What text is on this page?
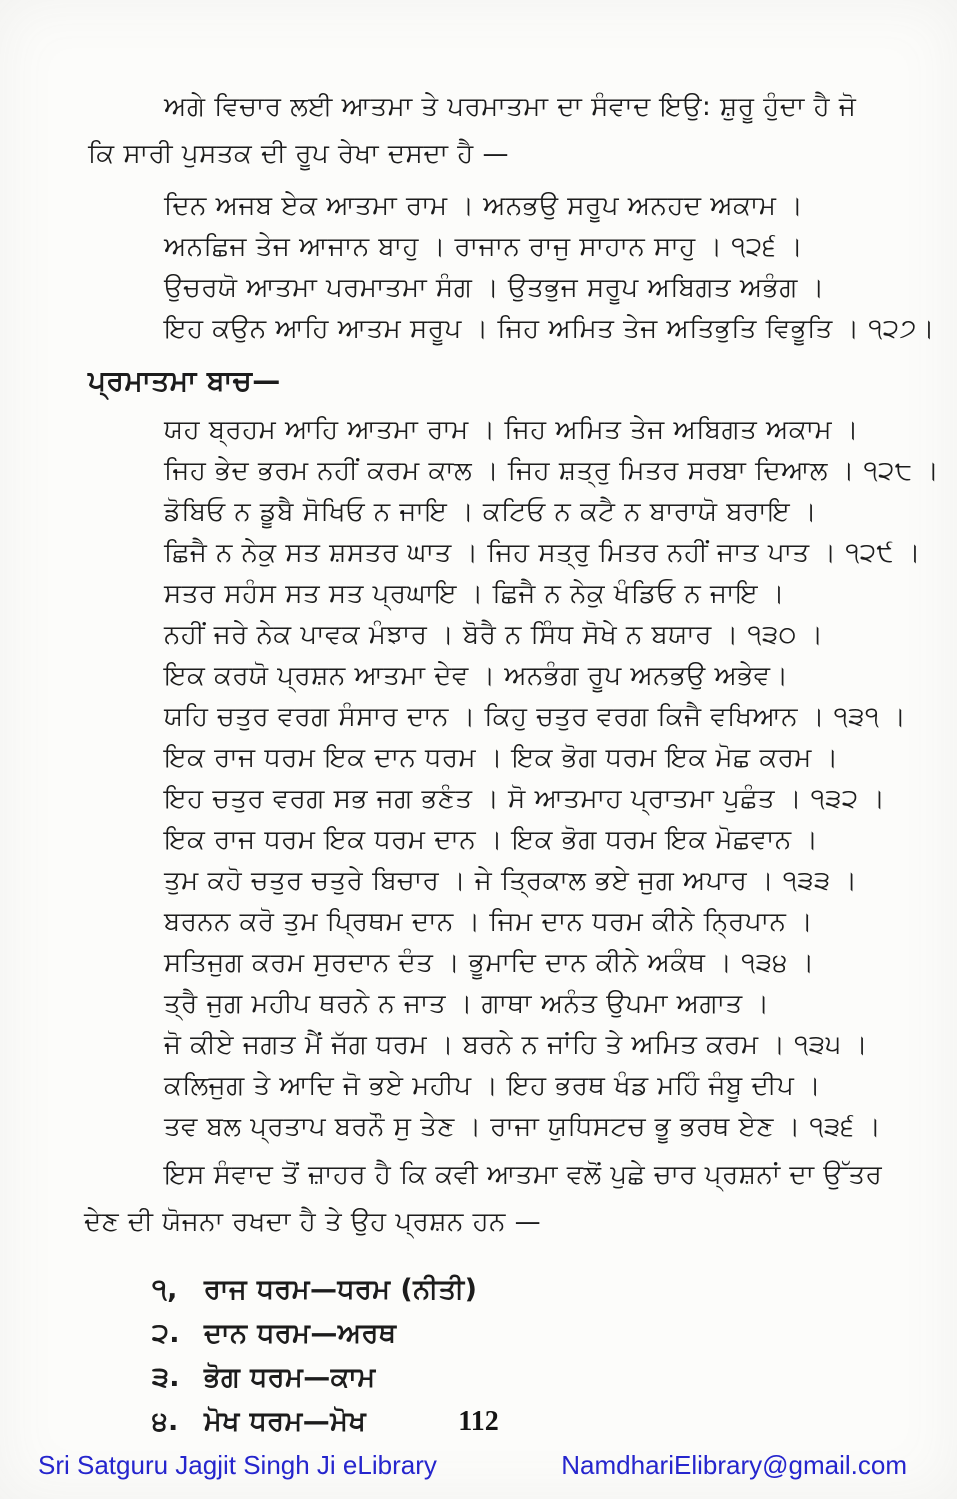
ਅਗੇ ਵਿਚਾਰ ਲਈ ਆਤਮਾ ਤੇ ਪਰਮਾਤਮਾ ਦਾ ਸੰਵਾਦ ਇਉ: ਸ਼ੁਰੂ ਹੁੰਦਾ ਹੈ ਜੋ
ਕਿ ਸਾਰੀ ਪੁਸਤਕ ਦੀ ਰੂਪ ਰੇਖਾ ਦਸਦਾ ਹੈ —
ਦਿਨ ਅਜਬ ਏਕ ਆਤਮਾ ਰਾਮ । ਅਨਭਉ ਸਰੂਪ ਅਨਹਦ ਅਕਾਮ ।
ਅਨਛਿਜ ਤੇਜ ਆਜਾਨ ਬਾਹੁ । ਰਾਜਾਨ ਰਾਜੁ ਸਾਹਾਨ ਸਾਹੁ । ੧੨੬ ।
ਉਚਰਯੋ ਆਤਮਾ ਪਰਮਾਤਮਾ ਸੰਗ । ਉਤਭੁਜ ਸਰੂਪ ਅਬਿਗਤ ਅਭੰਗ ।
ਇਹ ਕਉਨ ਆਹਿ ਆਤਮ ਸਰੂਪ । ਜਿਹ ਅਮਿਤ ਤੇਜ ਅਤਿਭੁਤਿ ਵਿਭੂਤਿ । ੧੨੭।
ਪ੍ਰਮਾਤਮਾ ਬਾਚ—
ਯਹ ਬ੍ਰਹਮ ਆਹਿ ਆਤਮਾ ਰਾਮ । ਜਿਹ ਅਮਿਤ ਤੇਜ ਅਬਿਗਤ ਅਕਾਮ ।
ਜਿਹ ਭੇਦ ਭਰਮ ਨਹੀਂ ਕਰਮ ਕਾਲ । ਜਿਹ ਸ਼ਤ੍ਰੁ ਮਿਤਰ ਸਰਬਾ ਦਿਆਲ । ੧੨੮ ।
ਡੋਬਿਓ ਨ ਡੂਬੈ ਸੋਖਿਓ ਨ ਜਾਇ । ਕਟਿਓ ਨ ਕਟੈ ਨ ਬਾਰਾਯੋ ਬਰਾਇ ।
ਛਿਜੈ ਨ ਨੇਕੁ ਸਤ ਸ਼ਸਤਰ ਘਾਤ । ਜਿਹ ਸਤ੍ਰੁ ਮਿਤਰ ਨਹੀਂ ਜਾਤ ਪਾਤ । ੧੨੯ ।
ਸਤਰ ਸਹੰਸ ਸਤ ਸਤ ਪ੍ਰਘਾਇ । ਛਿਜੈ ਨ ਨੇਕੁ ਖੰਡਿਓ ਨ ਜਾਇ ।
ਨਹੀਂ ਜਰੇ ਨੇਕ ਪਾਵਕ ਮੰਝਾਰ । ਬੋਰੈ ਨ ਸਿੰਧ ਸੋਖੇ ਨ ਬਯਾਰ । ੧੩੦ ।
ਇਕ ਕਰਯੋ ਪ੍ਰਸ਼ਨ ਆਤਮਾ ਦੇਵ । ਅਨਭੰਗ ਰੂਪ ਅਨਭਉ ਅਭੇਵ।
ਯਹਿ ਚਤੁਰ ਵਰਗ ਸੰਸਾਰ ਦਾਨ । ਕਿਹੁ ਚਤੁਰ ਵਰਗ ਕਿਜੈ ਵਖਿਆਨ । ੧੩੧ ।
ਇਕ ਰਾਜ ਧਰਮ ਇਕ ਦਾਨ ਧਰਮ । ਇਕ ਭੋਗ ਧਰਮ ਇਕ ਮੋਛ ਕਰਮ ।
ਇਹ ਚਤੁਰ ਵਰਗ ਸਭ ਜਗ ਭਣੰਤ । ਸੋ ਆਤਮਾਹ ਪ੍ਰਾਤਮਾ ਪੁਛੰਤ । ੧੩੨ ।
ਇਕ ਰਾਜ ਧਰਮ ਇਕ ਧਰਮ ਦਾਨ । ਇਕ ਭੋਗ ਧਰਮ ਇਕ ਮੋਛਵਾਨ ।
ਤੁਮ ਕਹੋ ਚਤੁਰ ਚਤੁਰੇ ਬਿਚਾਰ । ਜੇ ਤ੍ਰਿਕਾਲ ਭਏ ਜੁਗ ਅਪਾਰ । ੧੩੩ ।
ਬਰਨਨ ਕਰੋ ਤੁਮ ਪ੍ਰਿਥਮ ਦਾਨ । ਜਿਮ ਦਾਨ ਧਰਮ ਕੀਨੇ ਨ੍ਰਿਪਾਨ ।
ਸਤਿਜੁਗ ਕਰਮ ਸੁਰਦਾਨ ਦੰਤ । ਭੂਮਾਦਿ ਦਾਨ ਕੀਨੇ ਅਕੰਥ । ੧੩੪ ।
ਤ੍ਰੈ ਜੁਗ ਮਹੀਪ ਥਰਨੇ ਨ ਜਾਤ । ਗਾਥਾ ਅਨੰਤ ਉਪਮਾ ਅਗਾਤ ।
ਜੋ ਕੀਏ ਜਗਤ ਮੈਂ ਜੱਗ ਧਰਮ । ਬਰਨੇ ਨ ਜਾਂਹਿ ਤੇ ਅਮਿਤ ਕਰਮ । ੧੩੫ ।
ਕਲਿਜੁਗ ਤੇ ਆਦਿ ਜੋ ਭਏ ਮਹੀਪ । ਇਹ ਭਰਥ ਖੰਡ ਮਹਿੰ ਜੰਬੂ ਦੀਪ ।
ਤਵ ਬਲ ਪ੍ਰਤਾਪ ਬਰਨੌ ਸੁ ਤੇਣ । ਰਾਜਾ ਯੁਧਿਸਟਚ ਭੂ ਭਰਥ ਏਣ । ੧੩੬ ।
ਇਸ ਸੰਵਾਦ ਤੋਂ ਜ਼ਾਹਰ ਹੈ ਕਿ ਕਵੀ ਆਤਮਾ ਵਲੋਂ ਪੁਛੇ ਚਾਰ ਪ੍ਰਸ਼ਨਾਂ ਦਾ ਉੱਤਰ
ਦੇਣ ਦੀ ਯੋਜਨਾ ਰਖਦਾ ਹੈ ਤੇ ਉਹ ਪ੍ਰਸ਼ਨ ਹਨ —
੧, ਰਾਜ ਧਰਮ—ਧਰਮ (ਨੀਤੀ)
੨. ਦਾਨ ਧਰਮ—ਅਰਥ
੩. ਭੋਗ ਧਰਮ—ਕਾਮ
੪. ਮੋਖ ਧਰਮ—ਮੋਖ	112
Sri Satguru Jagjit Singh Ji eLibrary	NamdhariElibrary@gmail.com
